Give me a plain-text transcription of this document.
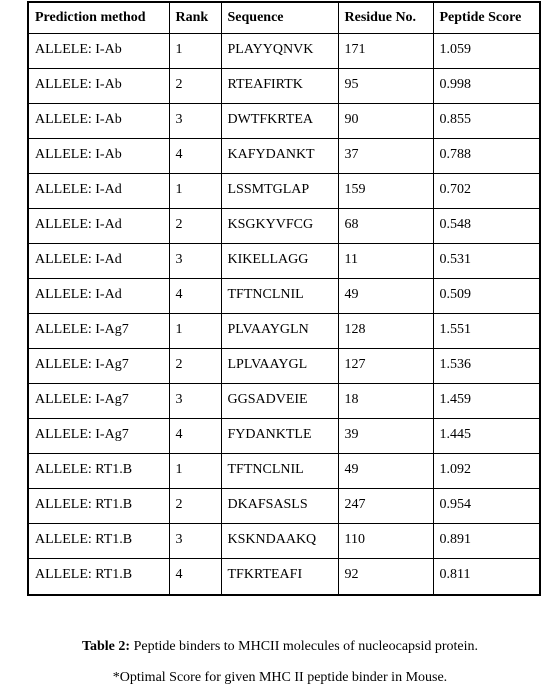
Prediction method	Rank	Sequence	Residue No.	Peptide Score
ALLELE: I-Ab	1	PLAYYQNVK	171	1.059
ALLELE: I-Ab	2	RTEAFIRTK	95	0.998
ALLELE: I-Ab	3	DWTFKRTEA	90	0.855
ALLELE: I-Ab	4	KAFYDANKT	37	0.788
ALLELE: I-Ad	1	LSSMTGLAP	159	0.702
ALLELE: I-Ad	2	KSGKYVFCG	68	0.548
ALLELE: I-Ad	3	KIKELLAGG	11	0.531
ALLELE: I-Ad	4	TFTNCLNIL	49	0.509
ALLELE: I-Ag7	1	PLVAAYGLN	128	1.551
ALLELE: I-Ag7	2	LPLVAAYGL	127	1.536
ALLELE: I-Ag7	3	GGSADVEIE	18	1.459
ALLELE: I-Ag7	4	FYDANKTLE	39	1.445
ALLELE: RT1.B	1	TFTNCLNIL	49	1.092
ALLELE: RT1.B	2	DKAFSASLS	247	0.954
ALLELE: RT1.B	3	KSKNDAAKQ	110	0.891
ALLELE: RT1.B	4	TFKRTEAFI	92	0.811
Table 2: Peptide binders to MHCII molecules of nucleocapsid protein.
*Optimal Score for given MHC II peptide binder in Mouse.
